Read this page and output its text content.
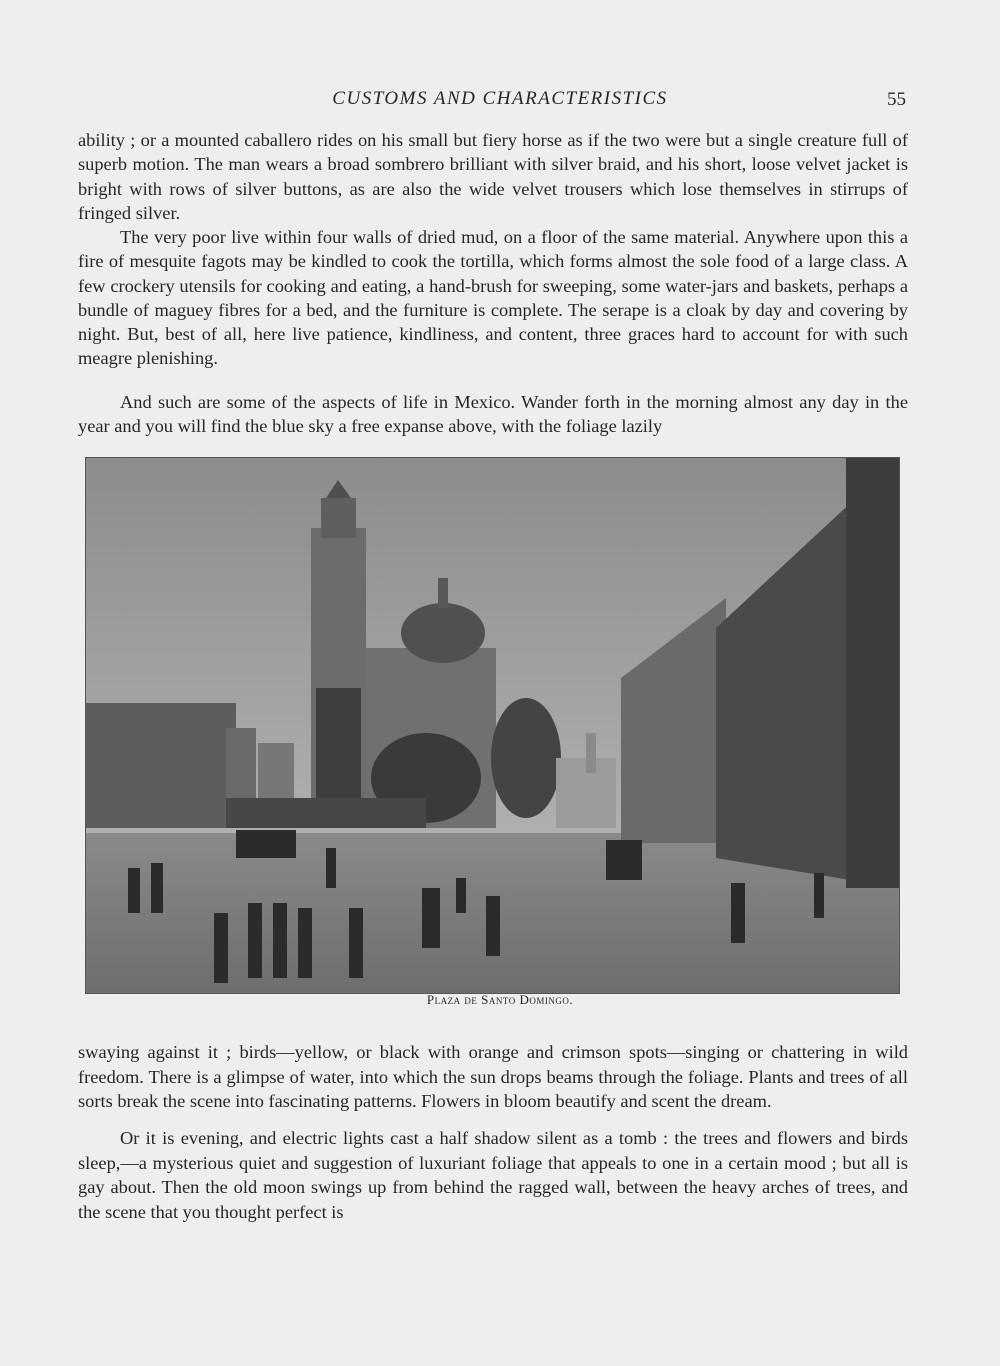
CUSTOMS AND CHARACTERISTICS	55

ability ; or a mounted caballero rides on his small but fiery horse as if the two were but a single creature full of superb motion. The man wears a broad sombrero brilliant with silver braid, and his short, loose velvet jacket is bright with rows of silver buttons, as are also the wide velvet trousers which lose themselves in stirrups of fringed silver.

The very poor live within four walls of dried mud, on a floor of the same material. Anywhere upon this a fire of mesquite fagots may be kindled to cook the tortilla, which forms almost the sole food of a large class. A few crockery utensils for cooking and eating, a hand-brush for sweeping, some water-jars and baskets, perhaps a bundle of maguey fibres for a bed, and the furniture is complete. The serape is a cloak by day and covering by night. But, best of all, here live patience, kindliness, and content, three graces hard to account for with such meagre plenishing.

And such are some of the aspects of life in Mexico. Wander forth in the morning almost any day in the year and you will find the blue sky a free expanse above, with the foliage lazily

Plaza de Santo Domingo.

swaying against it ; birds—yellow, or black with orange and crimson spots—singing or chattering in wild freedom. There is a glimpse of water, into which the sun drops beams through the foliage. Plants and trees of all sorts break the scene into fascinating patterns. Flowers in bloom beautify and scent the dream.

Or it is evening, and electric lights cast a half shadow silent as a tomb : the trees and flowers and birds sleep,—a mysterious quiet and suggestion of luxuriant foliage that appeals to one in a certain mood ; but all is gay about. Then the old moon swings up from behind the ragged wall, between the heavy arches of trees, and the scene that you thought perfect is
